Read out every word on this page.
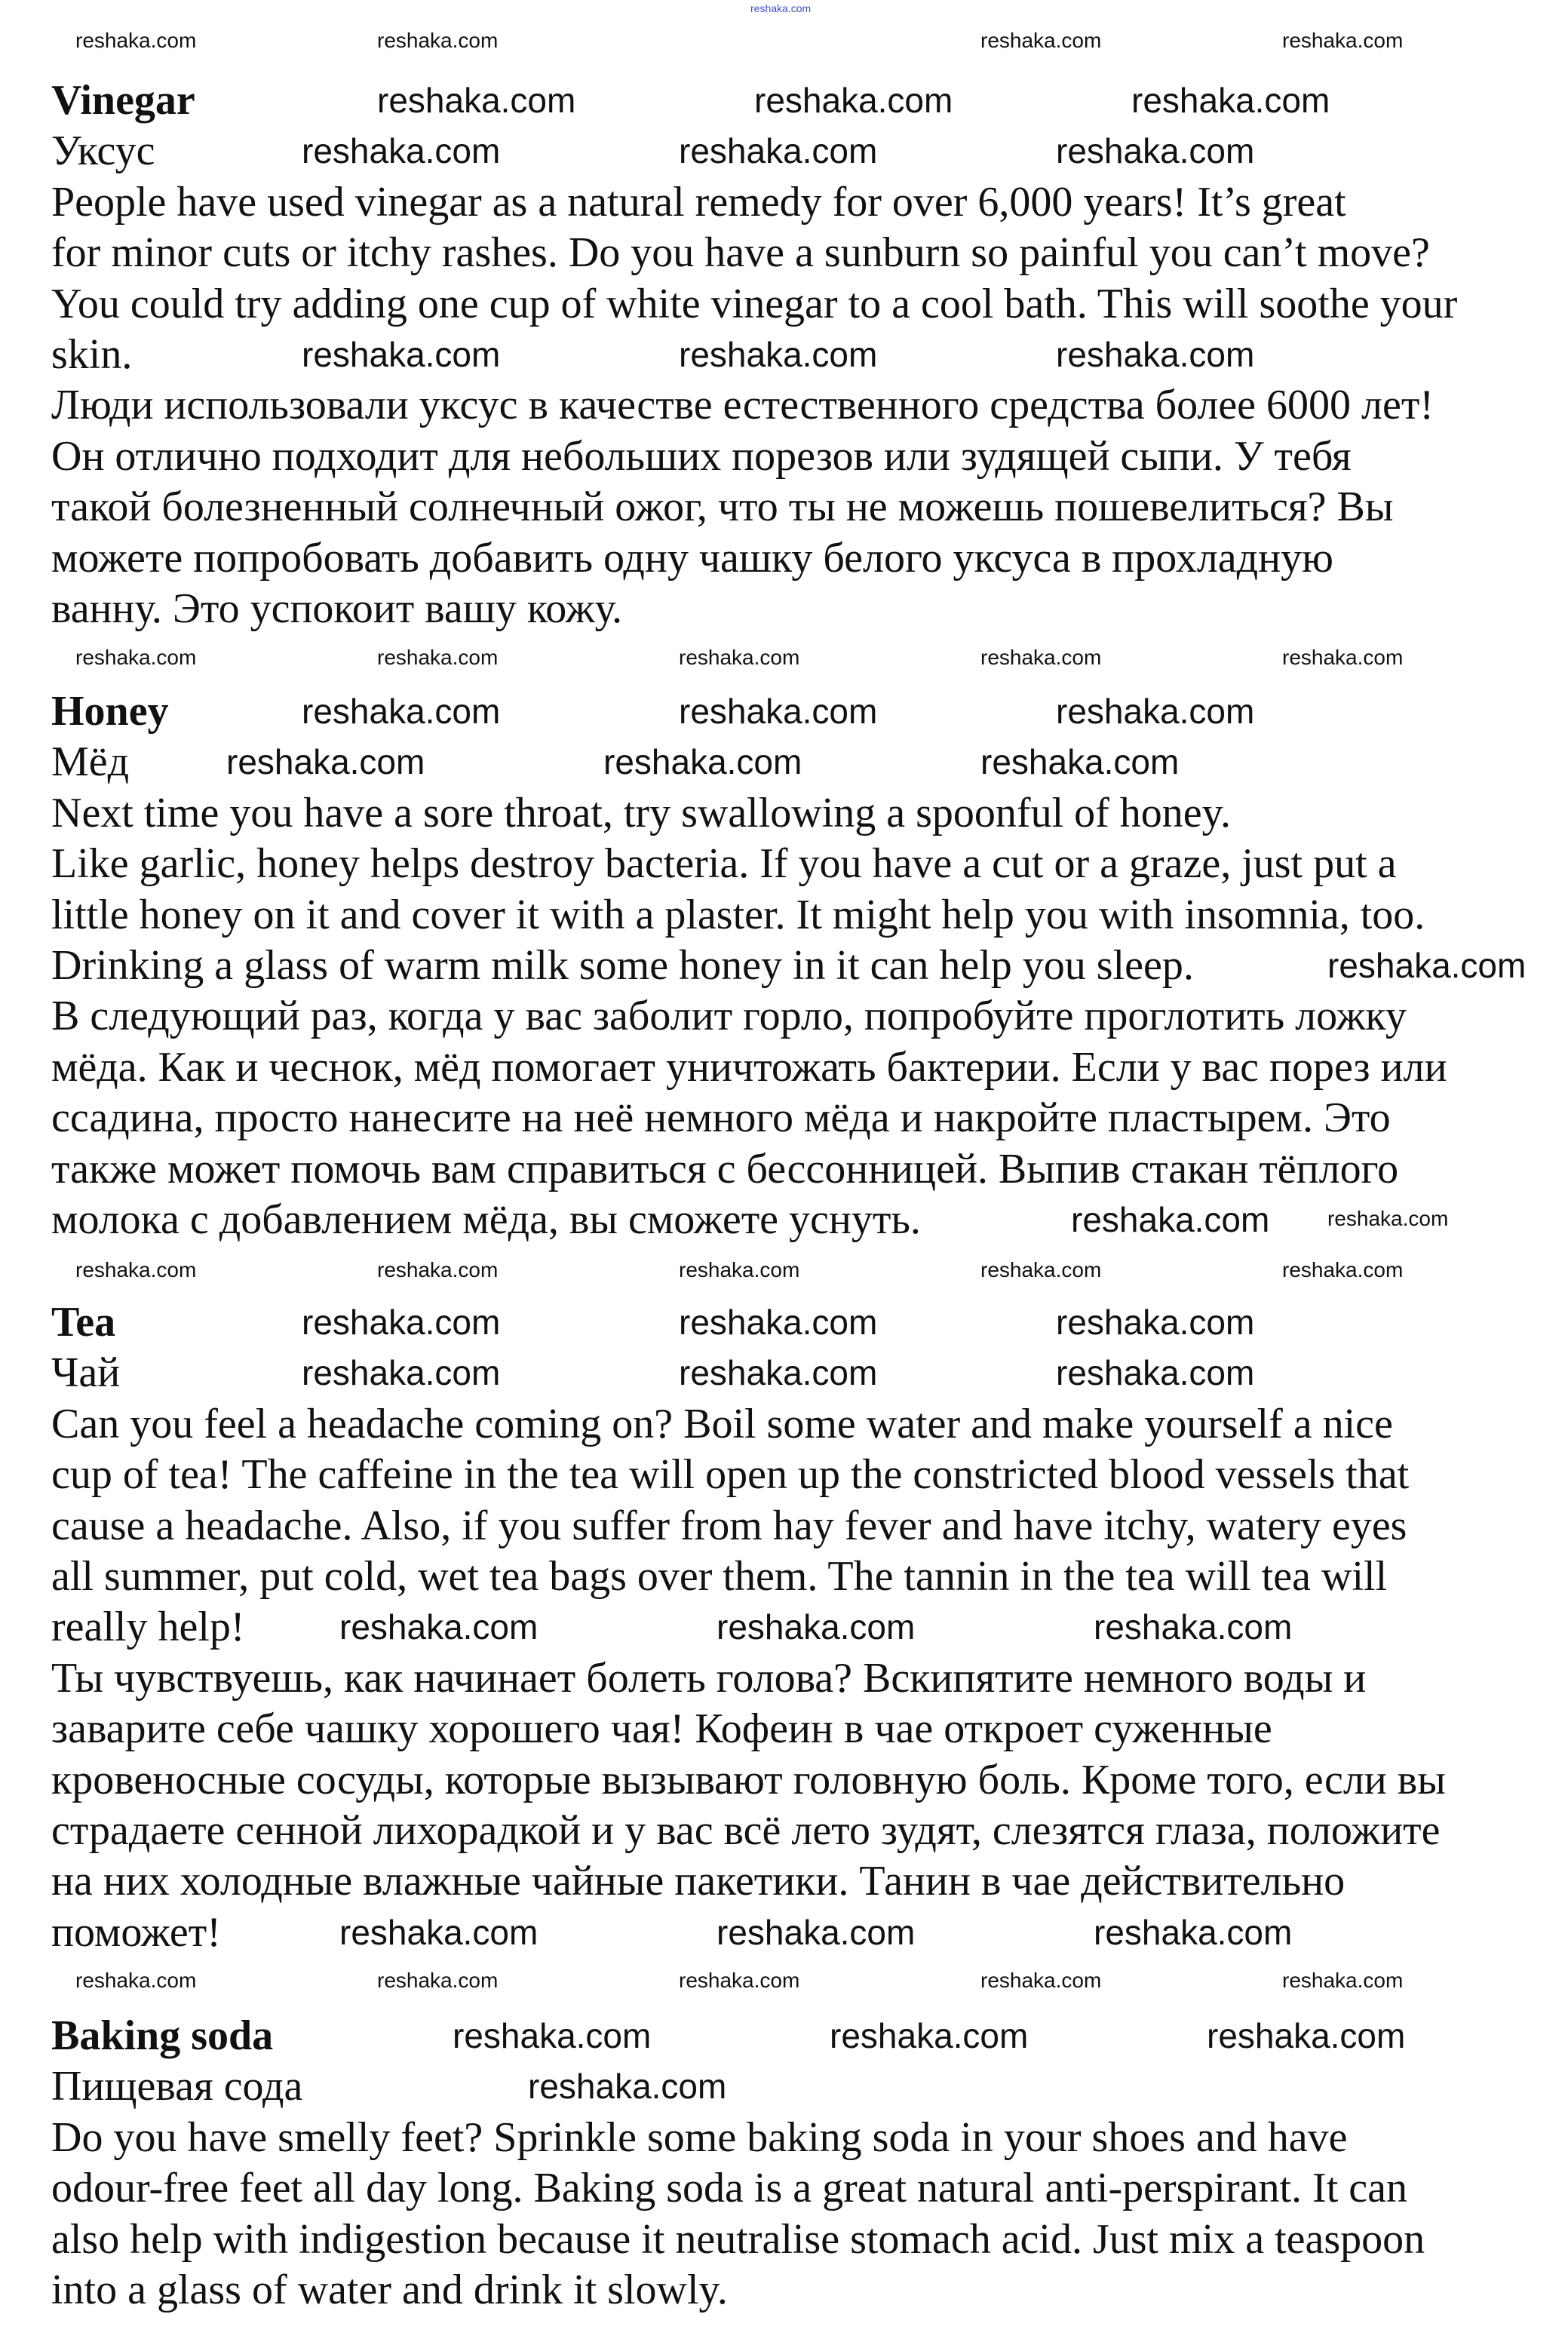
Vinegar
Уксус
People have used vinegar as a natural remedy for over 6,000 years! It’s great
for minor cuts or itchy rashes. Do you have a sunburn so painful you can’t move?
You could try adding one cup of white vinegar to a cool bath. This will soothe your
skin.
Люди использовали уксус в качестве естественного средства более 6000 лет!
Он отлично подходит для небольших порезов или зудящей сыпи. У тебя
такой болезненный солнечный ожог, что ты не можешь пошевелиться? Вы
можете попробовать добавить одну чашку белого уксуса в прохладную
ванну. Это успокоит вашу кожу.
Honey
Мёд
Next time you have a sore throat, try swallowing a spoonful of honey.
Like garlic, honey helps destroy bacteria. If you have a cut or a graze, just put a
little honey on it and cover it with a plaster. It might help you with insomnia, too.
Drinking a glass of warm milk some honey in it can help you sleep.
В следующий раз, когда у вас заболит горло, попробуйте проглотить ложку
мёда. Как и чеснок, мёд помогает уничтожать бактерии. Если у вас порез или
ссадина, просто нанесите на неё немного мёда и накройте пластырем. Это
также может помочь вам справиться с бессонницей. Выпив стакан тёплого
молока с добавлением мёда, вы сможете уснуть.
Tea
Чай
Can you feel a headache coming on? Boil some water and make yourself a nice
cup of tea! The caffeine in the tea will open up the constricted blood vessels that
cause a headache. Also, if you suffer from hay fever and have itchy, watery eyes
all summer, put cold, wet tea bags over them. The tannin in the tea will tea will
really help!
Ты чувствуешь, как начинает болеть голова? Вскипятите немного воды и
заварите себе чашку хорошего чая! Кофеин в чае откроет суженные
кровеносные сосуды, которые вызывают головную боль. Кроме того, если вы
страдаете сенной лихорадкой и у вас всё лето зудят, слезятся глаза, положите
на них холодные влажные чайные пакетики. Танин в чае действительно
поможет!
Baking soda
Пищевая сода
Do you have smelly feet? Sprinkle some baking soda in your shoes and have
odour-free feet all day long. Baking soda is a great natural anti-perspirant. It can
also help with indigestion because it neutralise stomach acid. Just mix a teaspoon
into a glass of water and drink it slowly.
reshaka.com
reshaka.com	reshaka.com	reshaka.com	reshaka.com
reshaka.com	reshaka.com	reshaka.com
reshaka.com	reshaka.com	reshaka.com
reshaka.com	reshaka.com	reshaka.com
reshaka.com	reshaka.com	reshaka.com	reshaka.com	reshaka.com
reshaka.com	reshaka.com	reshaka.com
reshaka.com	reshaka.com	reshaka.com
reshaka.com
reshaka.com	reshaka.com
reshaka.com	reshaka.com	reshaka.com	reshaka.com	reshaka.com
reshaka.com	reshaka.com	reshaka.com
reshaka.com	reshaka.com	reshaka.com
reshaka.com	reshaka.com	reshaka.com
reshaka.com	reshaka.com	reshaka.com
reshaka.com	reshaka.com	reshaka.com	reshaka.com	reshaka.com
reshaka.com	reshaka.com	reshaka.com
reshaka.com
